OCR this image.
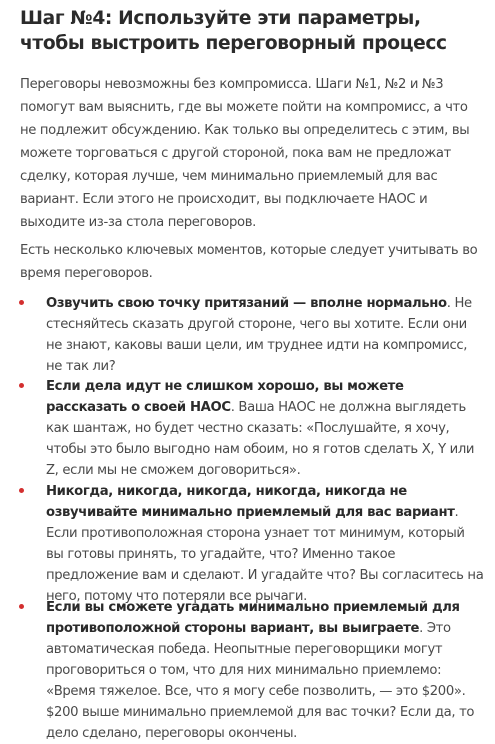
Шаг №4: Используйте эти параметры, чтобы выстроить переговорный процесс

Переговоры невозможны без компромисса. Шаги №1, №2 и №3 помогут вам выяснить, где вы можете пойти на компромисс, а что не подлежит обсуждению. Как только вы определитесь с этим, вы можете торговаться с другой стороной, пока вам не предложат сделку, которая лучше, чем минимально приемлемый для вас вариант. Если этого не происходит, вы подключаете НАОС и выходите из-за стола переговоров.

Есть несколько ключевых моментов, которые следует учитывать во время переговоров.

Озвучить свою точку притязаний — вполне нормально. Не стесняйтесь сказать другой стороне, чего вы хотите. Если они не знают, каковы ваши цели, им труднее идти на компромисс, не так ли?

Если дела идут не слишком хорошо, вы можете рассказать о своей НАОС. Ваша НАОС не должна выглядеть как шантаж, но будет честно сказать: «Послушайте, я хочу, чтобы это было выгодно нам обоим, но я готов сделать X, Y или Z, если мы не сможем договориться».

Никогда, никогда, никогда, никогда, никогда не озвучивайте минимально приемлемый для вас вариант. Если противоположная сторона узнает тот минимум, который вы готовы принять, то угадайте, что? Именно такое предложение вам и сделают. И угадайте что? Вы согласитесь на него, потому что потеряли все рычаги.

Если вы сможете угадать минимально приемлемый для противоположной стороны вариант, вы выиграете. Это автоматическая победа. Неопытные переговорщики могут проговориться о том, что для них минимально приемлемо: «Время тяжелое. Все, что я могу себе позволить, — это $200». $200 выше минимально приемлемой для вас точки? Если да, то дело сделано, переговоры окончены.
